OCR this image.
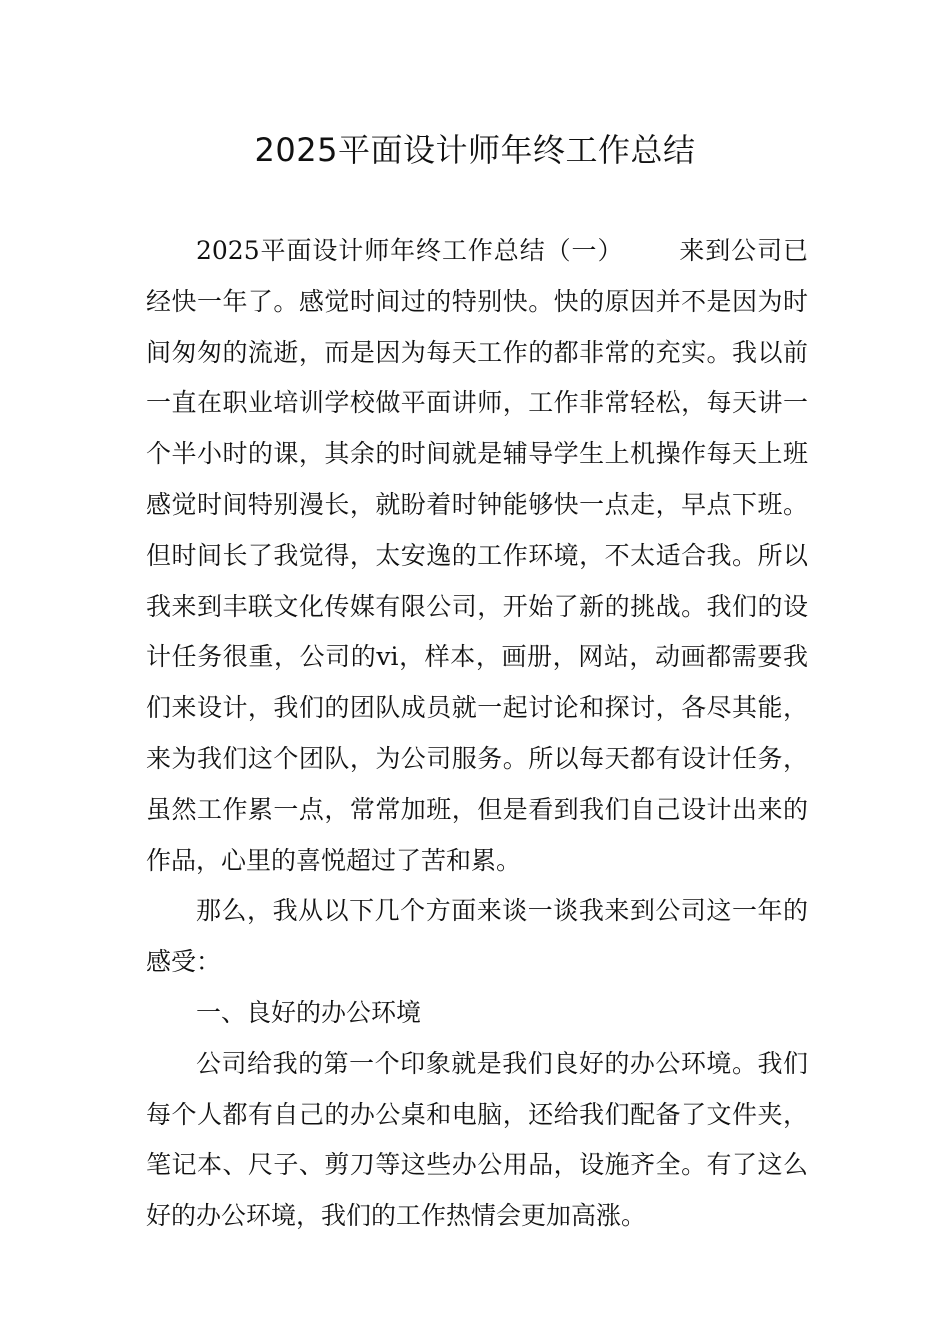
2025平面设计师年终工作总结

2025平面设计师年终工作总结（一） 来到公司已经快一年了。感觉时间过的特别快。快的原因并不是因为时间匆匆的流逝，而是因为每天工作的都非常的充实。我以前一直在职业培训学校做平面讲师，工作非常轻松，每天讲一个半小时的课，其余的时间就是辅导学生上机操作每天上班感觉时间特别漫长，就盼着时钟能够快一点走，早点下班。但时间长了我觉得，太安逸的工作环境，不太适合我。所以我来到丰联文化传媒有限公司，开始了新的挑战。我们的设计任务很重，公司的vi，样本，画册，网站，动画都需要我们来设计，我们的团队成员就一起讨论和探讨，各尽其能，来为我们这个团队，为公司服务。所以每天都有设计任务，虽然工作累一点，常常加班，但是看到我们自己设计出来的作品，心里的喜悦超过了苦和累。

那么，我从以下几个方面来谈一谈我来到公司这一年的感受：

一、良好的办公环境

公司给我的第一个印象就是我们良好的办公环境。我们每个人都有自己的办公桌和电脑，还给我们配备了文件夹，笔记本、尺子、剪刀等这些办公用品，设施齐全。有了这么好的办公环境，我们的工作热情会更加高涨。
